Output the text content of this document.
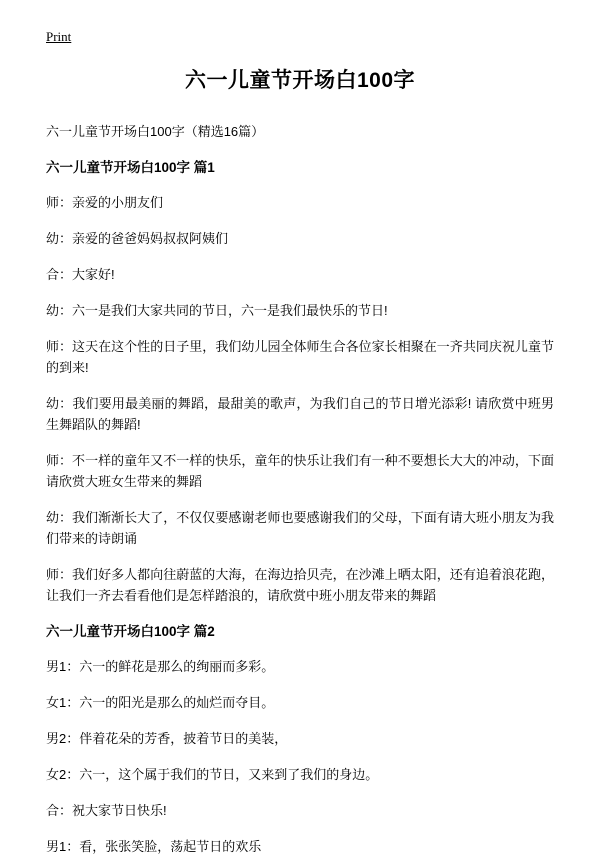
Print
六一儿童节开场白100字

六一儿童节开场白100字（精选16篇）

六一儿童节开场白100字 篇1

师：亲爱的小朋友们

幼：亲爱的爸爸妈妈叔叔阿姨们

合：大家好!

幼：六一是我们大家共同的节日，六一是我们最快乐的节日!

师：这天在这个性的日子里，我们幼儿园全体师生合各位家长相聚在一齐共同庆祝儿童节的到来!

幼：我们要用最美丽的舞蹈，最甜美的歌声，为我们自己的节日增光添彩! 请欣赏中班男生舞蹈队的舞蹈!

师：不一样的童年又不一样的快乐，童年的快乐让我们有一种不要想长大大的冲动，下面请欣赏大班女生带来的舞蹈

幼：我们渐渐长大了，不仅仅要感谢老师也要感谢我们的父母，下面有请大班小朋友为我们带来的诗朗诵

师：我们好多人都向往蔚蓝的大海，在海边拾贝壳，在沙滩上晒太阳，还有追着浪花跑，让我们一齐去看看他们是怎样踏浪的，请欣赏中班小朋友带来的舞蹈

六一儿童节开场白100字 篇2

男1：六一的鲜花是那么的绚丽而多彩。

女1：六一的阳光是那么的灿烂而夺目。

男2：伴着花朵的芳香，披着节日的美装，

女2：六一，这个属于我们的节日，又来到了我们的身边。

合：祝大家节日快乐!

男1：看，张张笑脸，荡起节日的欢乐
